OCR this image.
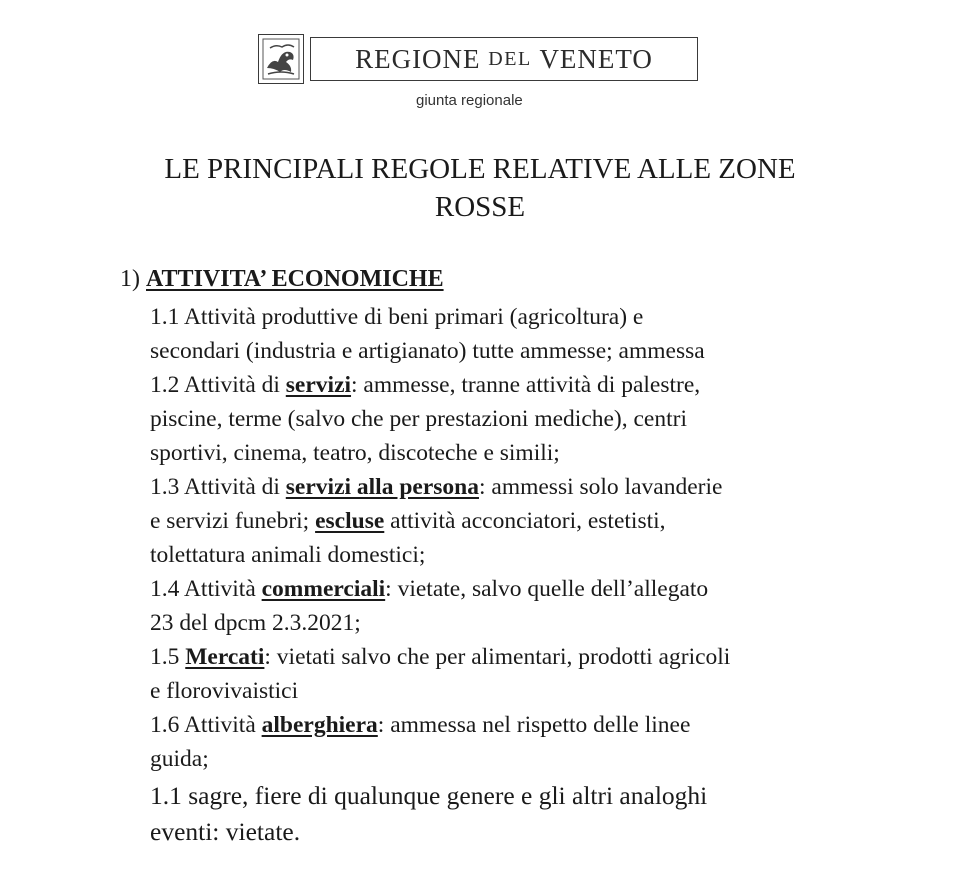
REGIONE
DEL
VENETO
giunta regionale
LE PRINCIPALI REGOLE RELATIVE ALLE ZONE
ROSSE
1) ATTIVITA’ ECONOMICHE
1.1 Attività produttive di beni primari (agricoltura) e
secondari (industria e artigianato) tutte ammesse; ammessa
1.2 Attività di servizi: ammesse, tranne attività di palestre,
piscine, terme (salvo che per prestazioni mediche), centri
sportivi, cinema, teatro, discoteche e simili;
1.3 Attività di servizi alla persona: ammessi solo lavanderie
e servizi funebri; escluse attività acconciatori, estetisti,
tolettatura animali domestici;
1.4 Attività commerciali: vietate, salvo quelle dell’allegato
23 del dpcm 2.3.2021;
1.5 Mercati: vietati salvo che per alimentari, prodotti agricoli
e florovivaistici
1.6 Attività alberghiera: ammessa nel rispetto delle linee
guida;
1.1 sagre, fiere di qualunque genere e gli altri analoghi
eventi: vietate.
